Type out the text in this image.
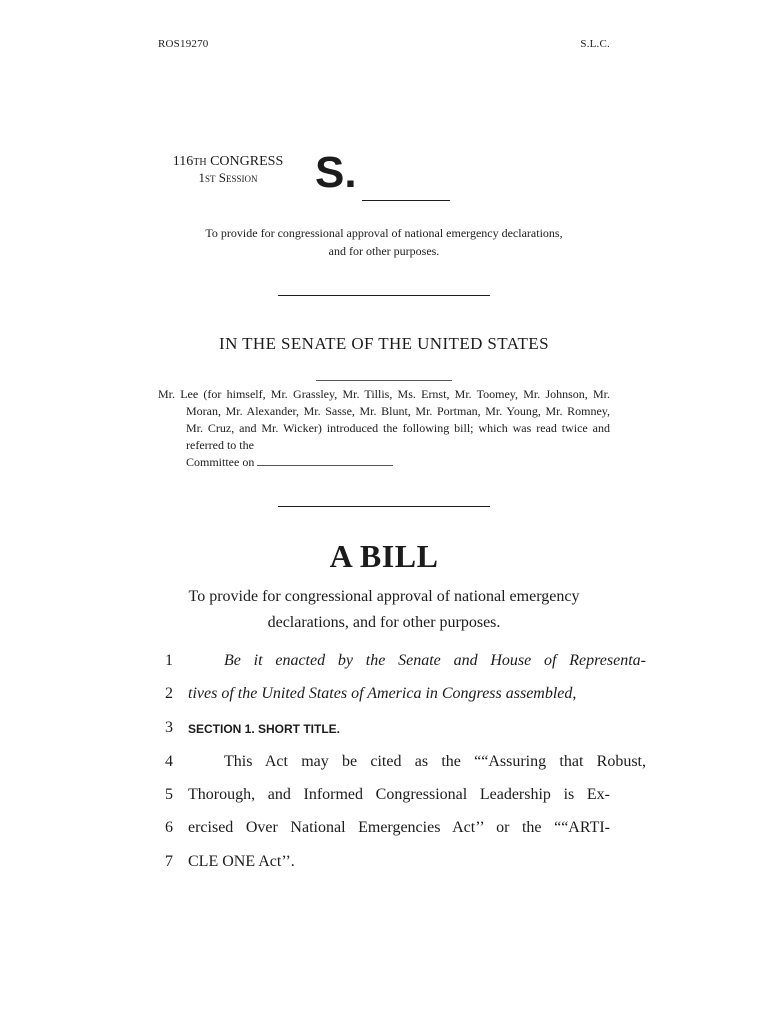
ROS19270	S.L.C.
116th CONGRESS
1st Session	S.
To provide for congressional approval of national emergency declarations,
and for other purposes.
IN THE SENATE OF THE UNITED STATES

Mr. Lee (for himself, Mr. Grassley, Mr. Tillis, Ms. Ernst, Mr. Toomey, Mr. Johnson, Mr. Moran, Mr. Alexander, Mr. Sasse, Mr. Blunt, Mr. Portman, Mr. Young, Mr. Romney, Mr. Cruz, and Mr. Wicker) introduced the following bill; which was read twice and referred to the
Committee on

A BILL
To provide for congressional approval of national emergency
declarations, and for other purposes.
1	Be it enacted by the Senate and House of Representa-
2 tives of the United States of America in Congress assembled,
3	SECTION 1. SHORT TITLE.
4	This Act may be cited as the ““Assuring that Robust,
5 Thorough, and Informed Congressional Leadership is Ex-
6 ercised Over National Emergencies Act’’ or the ““ARTI-
7 CLE ONE Act’’.
